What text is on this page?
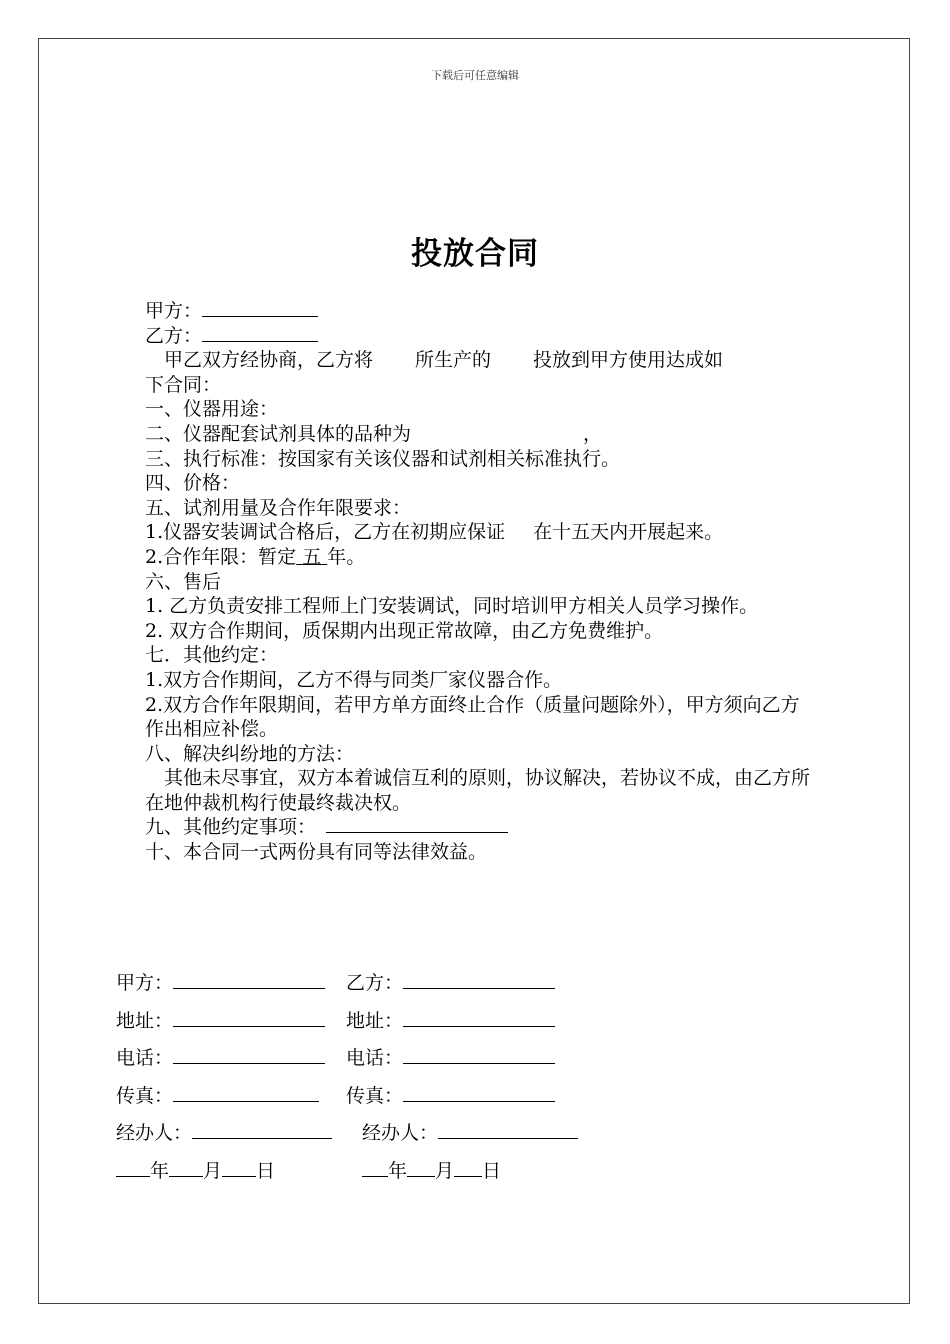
下载后可任意编辑
投放合同
甲方：
乙方：
甲乙双方经协商，乙方将 所生产的 投放到甲方使用达成如
下合同：
一、仪器用途：
二、仪器配套试剂具体的品种为	，
三、执行标准：按国家有关该仪器和试剂相关标准执行。
四、价格：
五、试剂用量及合作年限要求：
1.仪器安装调试合格后，乙方在初期应保证 在十五天内开展起来。
2.合作年限：暂定 五 年。
六、售后
1. 乙方负责安排工程师上门安装调试，同时培训甲方相关人员学习操作。
2. 双方合作期间，质保期内出现正常故障，由乙方免费维护。
七．其他约定：
1.双方合作期间，乙方不得与同类厂家仪器合作。
2.双方合作年限期间，若甲方单方面终止合作（质量问题除外），甲方须向乙方作出相应补偿。
八、解决纠纷地的方法：
其他未尽事宜，双方本着诚信互利的原则，协议解决，若协议不成，由乙方所在地仲裁机构行使最终裁决权。
九、其他约定事项：
十、本合同一式两份具有同等法律效益。
甲方：	乙方：
地址：	地址：
电话：	电话：
传真：	传真：
经办人：	经办人：
年 月 日	年 月 日
